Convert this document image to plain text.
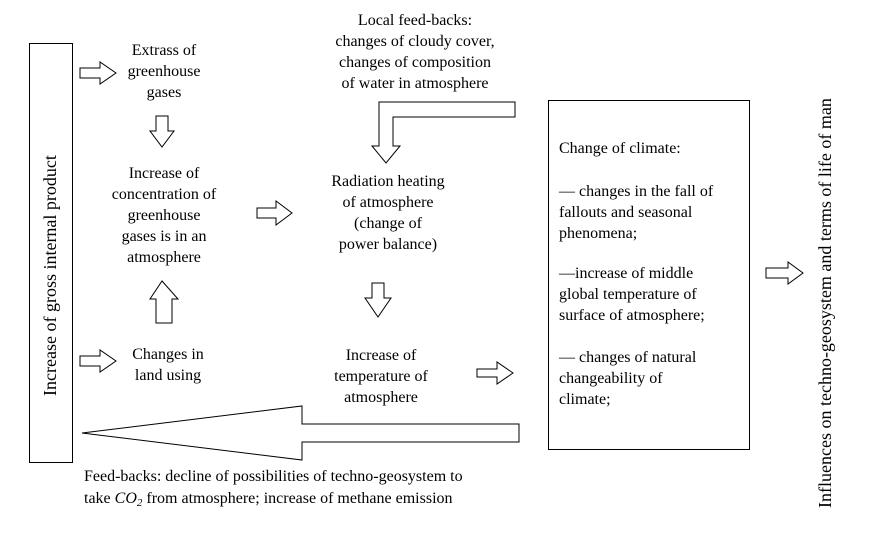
Increase of gross internal product	Influences on techno-geosystem and terms of life of man
Extrass of
greenhouse
gases
Increase of
concentration of
greenhouse
gases is in an
atmosphere
Changes in
land using
Local feed-backs:
changes of cloudy cover,
changes of composition
of water in atmosphere
Radiation heating
of atmosphere
(change of
power balance)
Increase of
temperature of
atmosphere
Change of climate:
— changes in the fall of
fallouts and seasonal
phenomena;
—increase of middle
global temperature of
surface of atmosphere;
— changes of natural
changeability of
climate;
Feed-backs: decline of possibilities of techno-geosystem to
take $CO_2$ from atmosphere; increase of methane emission
